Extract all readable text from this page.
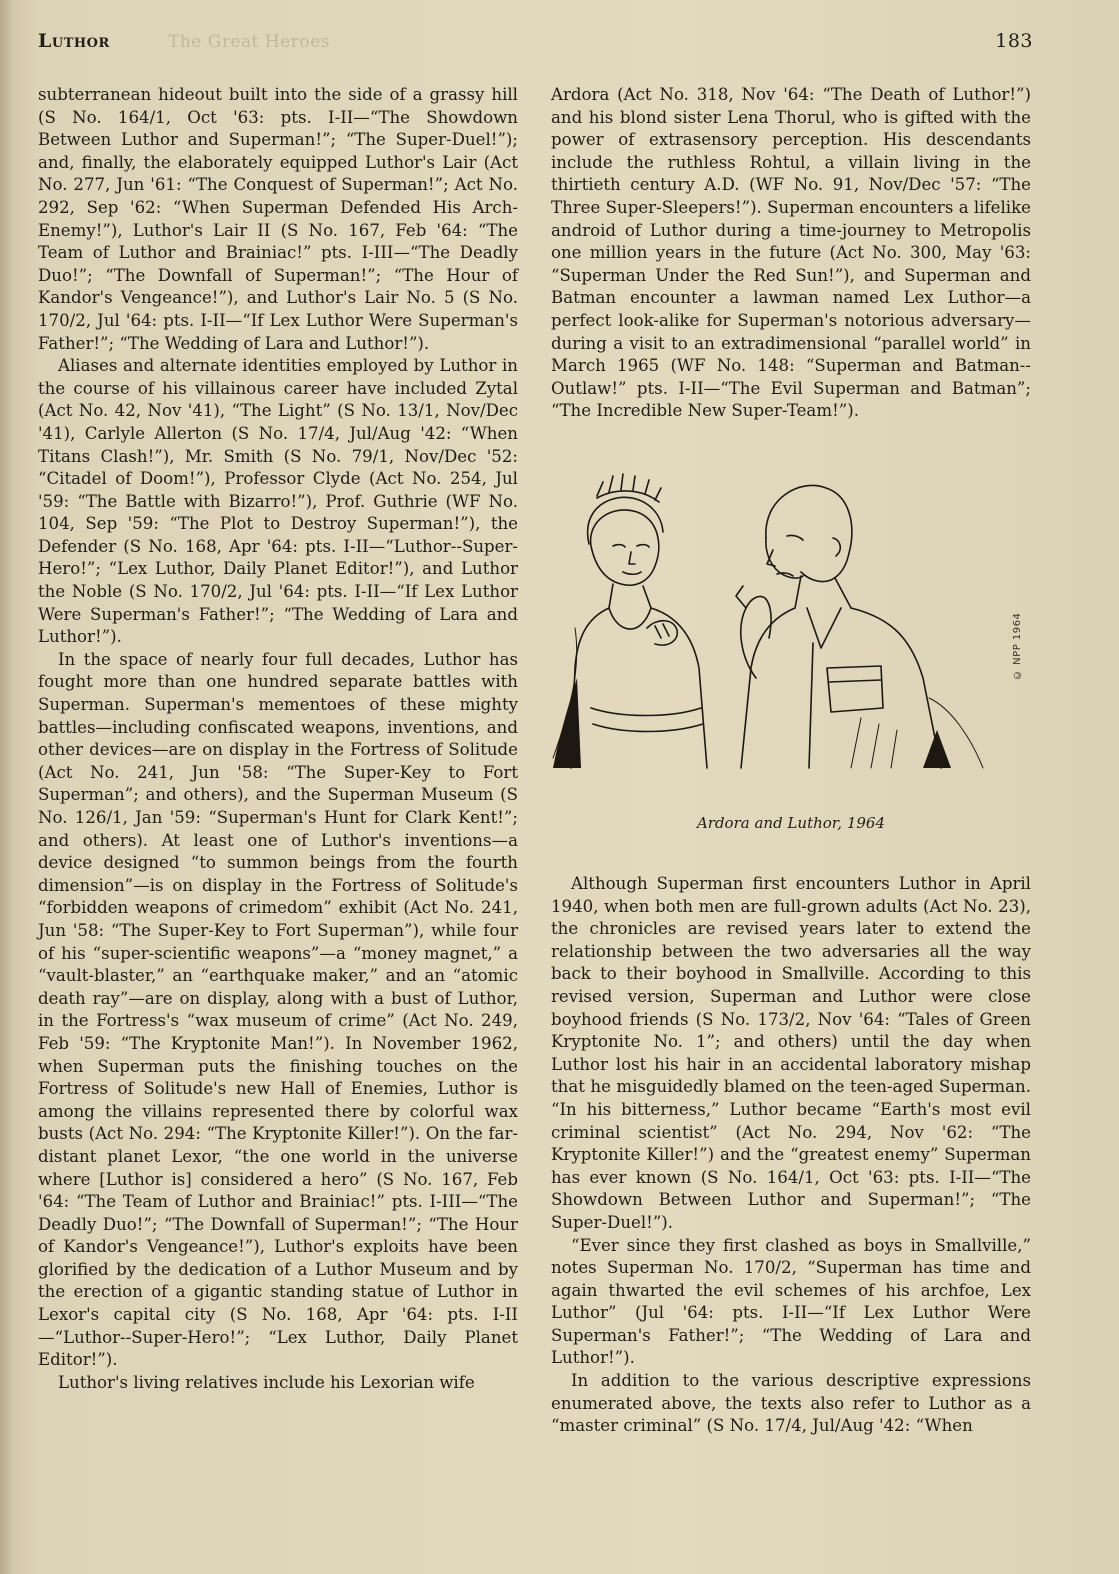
Luthor	The Great Heroes	183

subterranean hideout built into the side of a grassy hill (S No. 164/1, Oct '63: pts. I-II—“The Showdown Between Luthor and Superman!”; “The Super-Duel!”); and, finally, the elaborately equipped Luthor's Lair (Act No. 277, Jun '61: “The Conquest of Superman!”; Act No. 292, Sep '62: “When Superman Defended His Arch-Enemy!”), Luthor's Lair II (S No. 167, Feb '64: “The Team of Luthor and Brainiac!” pts. I-III—“The Deadly Duo!”; “The Downfall of Superman!”; “The Hour of Kandor's Vengeance!”), and Luthor's Lair No. 5 (S No. 170/2, Jul '64: pts. I-II—“If Lex Luthor Were Superman's Father!”; “The Wedding of Lara and Luthor!”).

Aliases and alternate identities employed by Luthor in the course of his villainous career have included Zytal (Act No. 42, Nov '41), “The Light” (S No. 13/1, Nov/Dec '41), Carlyle Allerton (S No. 17/4, Jul/Aug '42: “When Titans Clash!”), Mr. Smith (S No. 79/1, Nov/Dec '52: “Citadel of Doom!”), Professor Clyde (Act No. 254, Jul '59: “The Battle with Bizarro!”), Prof. Guthrie (WF No. 104, Sep '59: “The Plot to Destroy Superman!”), the Defender (S No. 168, Apr '64: pts. I-II—“Luthor--Super-Hero!”; “Lex Luthor, Daily Planet Editor!”), and Luthor the Noble (S No. 170/2, Jul '64: pts. I-II—“If Lex Luthor Were Superman's Father!”; “The Wedding of Lara and Luthor!”).

In the space of nearly four full decades, Luthor has fought more than one hundred separate battles with Superman. Superman's mementoes of these mighty battles—including confiscated weapons, inventions, and other devices—are on display in the Fortress of Solitude (Act No. 241, Jun '58: “The Super-Key to Fort Superman”; and others), and the Superman Museum (S No. 126/1, Jan '59: “Superman's Hunt for Clark Kent!”; and others). At least one of Luthor's inventions—a device designed “to summon beings from the fourth dimension”—is on display in the Fortress of Solitude's “forbidden weapons of crimedom” exhibit (Act No. 241, Jun '58: “The Super-Key to Fort Superman”), while four of his “super-scientific weapons”—a “money magnet,” a “vault-blaster,” an “earthquake maker,” and an “atomic death ray”—are on display, along with a bust of Luthor, in the Fortress's “wax museum of crime” (Act No. 249, Feb '59: “The Kryptonite Man!”). In November 1962, when Superman puts the finishing touches on the Fortress of Solitude's new Hall of Enemies, Luthor is among the villains represented there by colorful wax busts (Act No. 294: “The Kryptonite Killer!”). On the far-distant planet Lexor, “the one world in the universe where [Luthor is] considered a hero” (S No. 167, Feb '64: “The Team of Luthor and Brainiac!” pts. I-III—“The Deadly Duo!”; “The Downfall of Superman!”; “The Hour of Kandor's Vengeance!”), Luthor's exploits have been glorified by the dedication of a Luthor Museum and by the erection of a gigantic standing statue of Luthor in Lexor's capital city (S No. 168, Apr '64: pts. I-II—“Luthor--Super-Hero!”; “Lex Luthor, Daily Planet Editor!”).

Luthor's living relatives include his Lexorian wife

Ardora (Act No. 318, Nov '64: “The Death of Luthor!”) and his blond sister Lena Thorul, who is gifted with the power of extrasensory perception. His descendants include the ruthless Rohtul, a villain living in the thirtieth century A.D. (WF No. 91, Nov/Dec '57: “The Three Super-Sleepers!”). Superman encounters a lifelike android of Luthor during a time-journey to Metropolis one million years in the future (Act No. 300, May '63: “Superman Under the Red Sun!”), and Superman and Batman encounter a lawman named Lex Luthor—a perfect look-alike for Superman's notorious adversary—during a visit to an extradimensional “parallel world” in March 1965 (WF No. 148: “Superman and Batman--Outlaw!” pts. I-II—“The Evil Superman and Batman”; “The Incredible New Super-Team!”).

Ardora and Luthor, 1964
© NPP 1964

Although Superman first encounters Luthor in April 1940, when both men are full-grown adults (Act No. 23), the chronicles are revised years later to extend the relationship between the two adversaries all the way back to their boyhood in Smallville. According to this revised version, Superman and Luthor were close boyhood friends (S No. 173/2, Nov '64: “Tales of Green Kryptonite No. 1”; and others) until the day when Luthor lost his hair in an accidental laboratory mishap that he misguidedly blamed on the teen-aged Superman. “In his bitterness,” Luthor became “Earth's most evil criminal scientist” (Act No. 294, Nov '62: “The Kryptonite Killer!”) and the “greatest enemy” Superman has ever known (S No. 164/1, Oct '63: pts. I-II—“The Showdown Between Luthor and Superman!”; “The Super-Duel!”).

“Ever since they first clashed as boys in Smallville,” notes Superman No. 170/2, “Superman has time and again thwarted the evil schemes of his archfoe, Lex Luthor” (Jul '64: pts. I-II—“If Lex Luthor Were Superman's Father!”; “The Wedding of Lara and Luthor!”).

In addition to the various descriptive expressions enumerated above, the texts also refer to Luthor as a “master criminal” (S No. 17/4, Jul/Aug '42: “When
